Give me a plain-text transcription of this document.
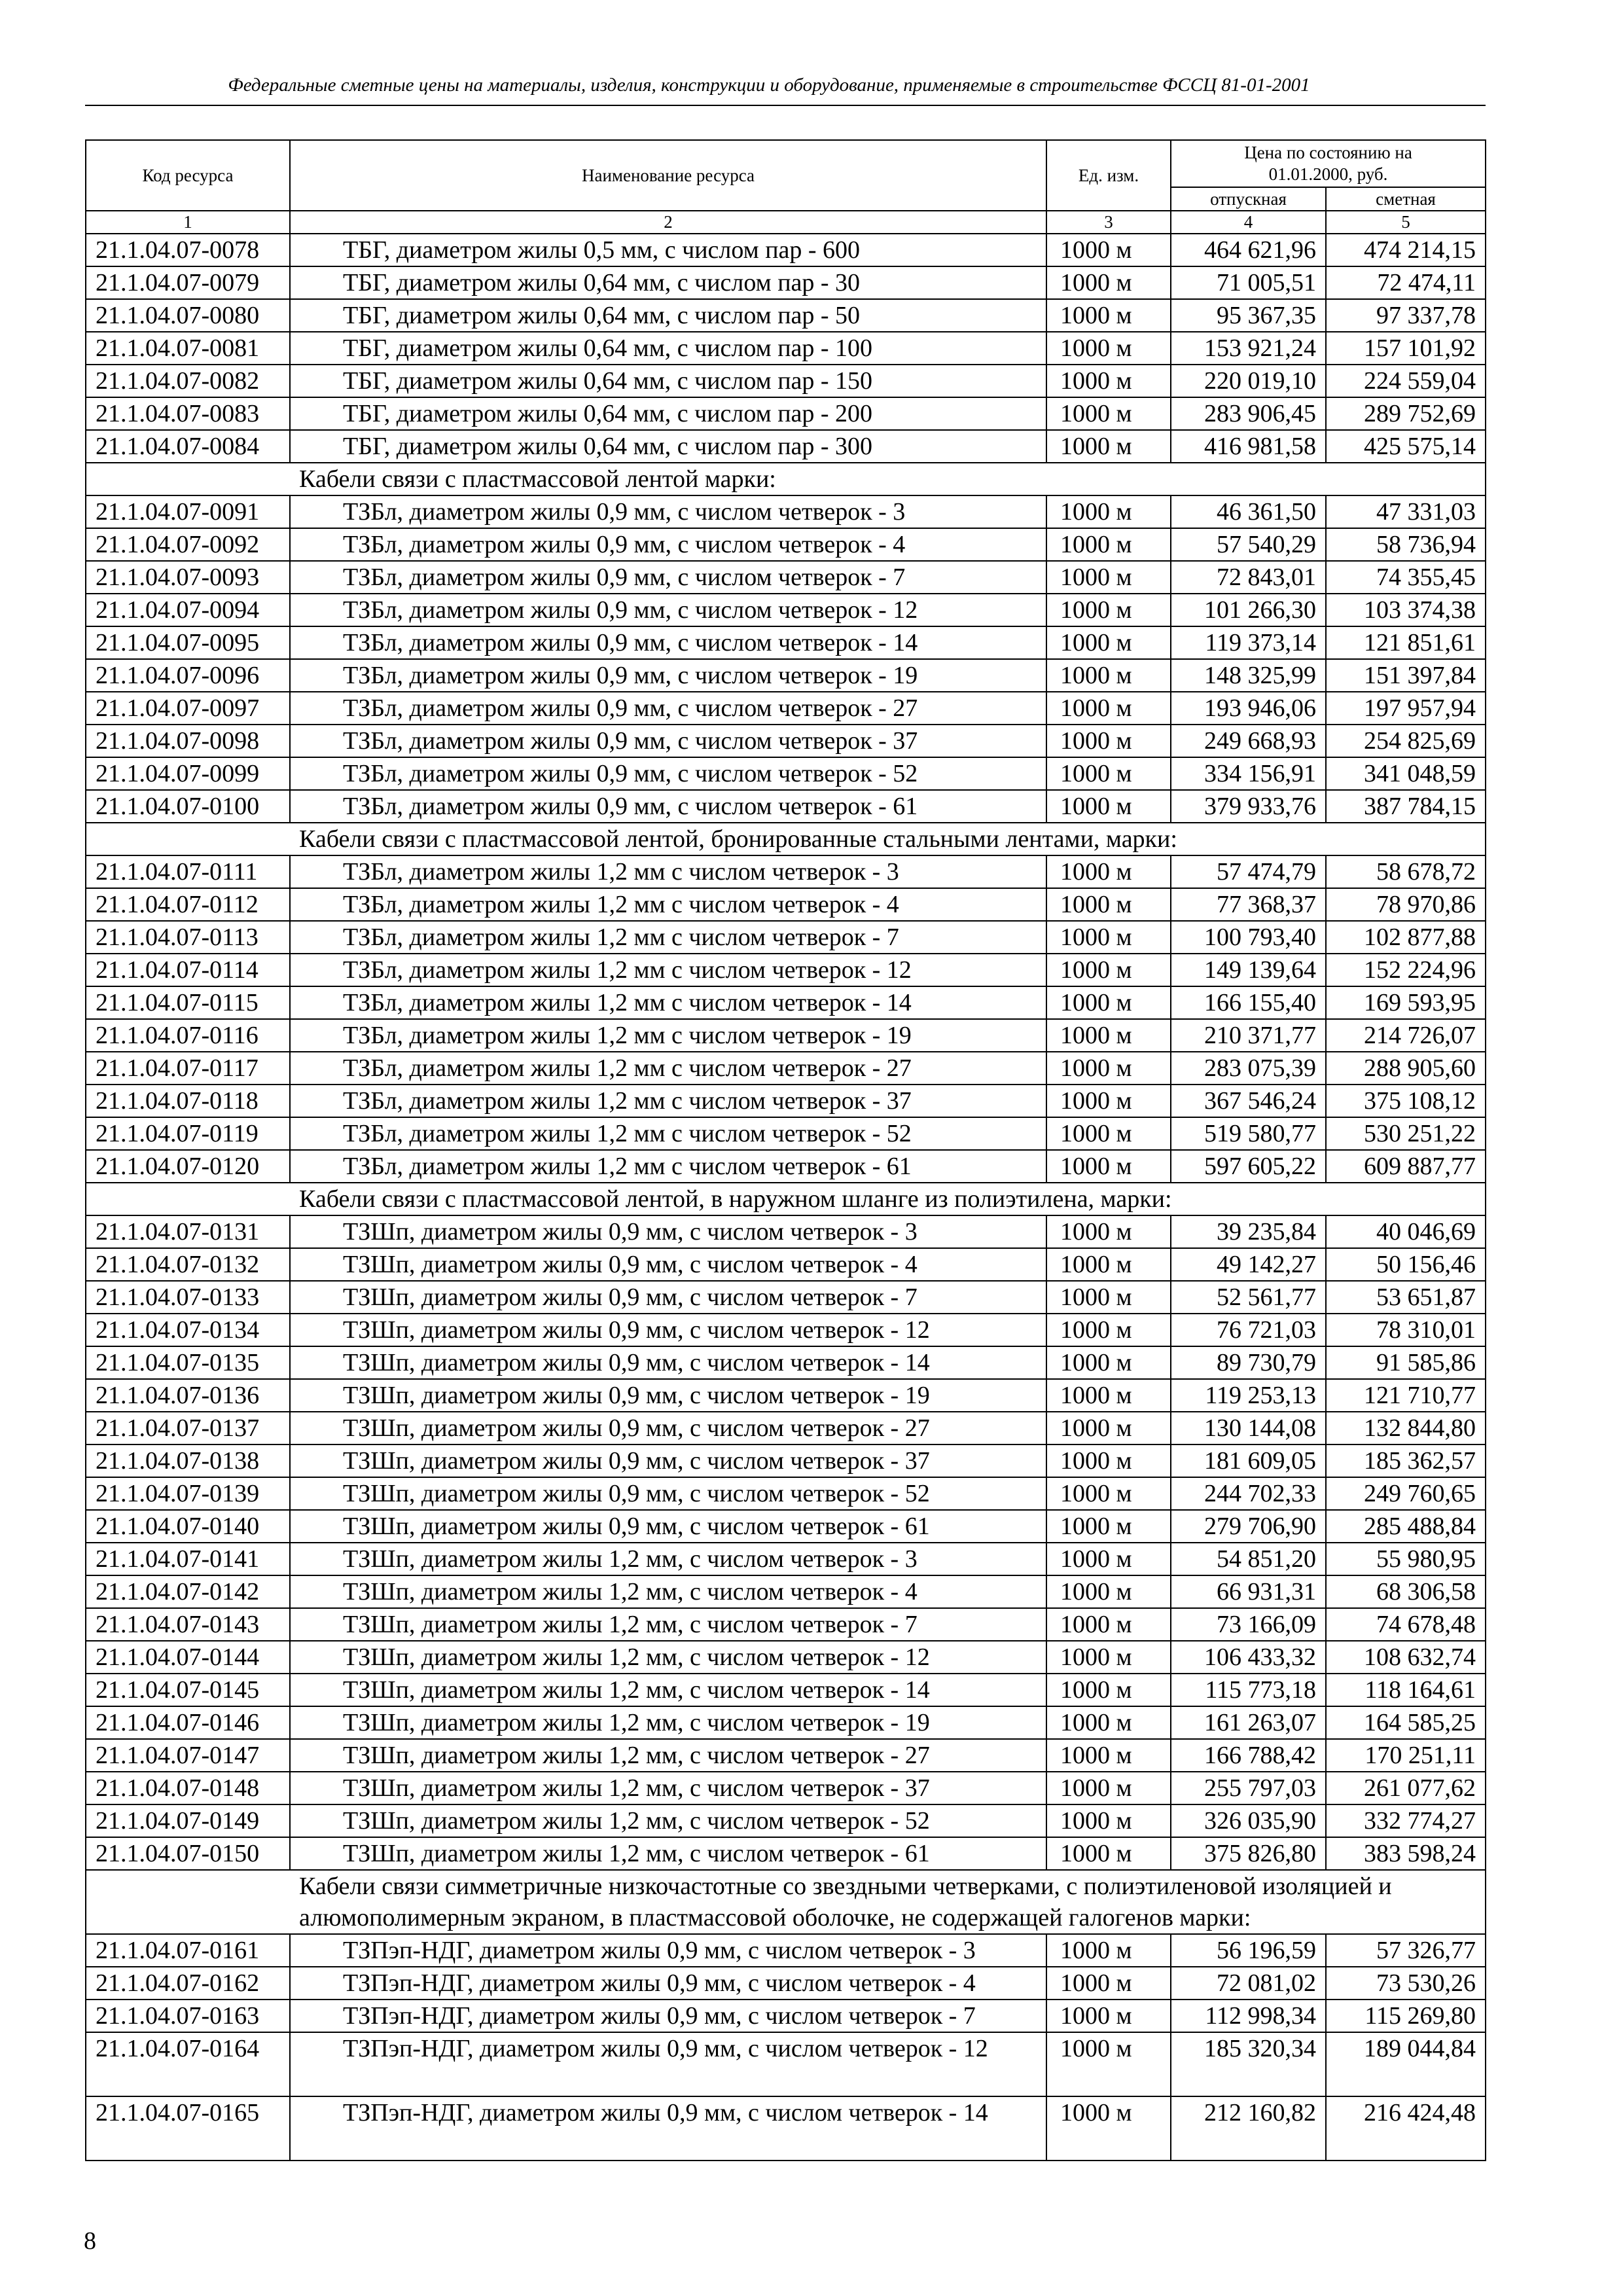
Федеральные сметные цены на материалы, изделия, конструкции и оборудование, применяемые в строительстве ФССЦ 81-01-2001
Код ресурса	Наименование ресурса	Ед. изм.	Цена по состоянию на 01.01.2000, руб.	
			отпускная	сметная
1	2	3	4	5
21.1.04.07-0078	ТБГ, диаметром жилы 0,5 мм, с числом пар - 600	1000 м	464 621,96	474 214,15
21.1.04.07-0079	ТБГ, диаметром жилы 0,64 мм, с числом пар - 30	1000 м	71 005,51	72 474,11
21.1.04.07-0080	ТБГ, диаметром жилы 0,64 мм, с числом пар - 50	1000 м	95 367,35	97 337,78
21.1.04.07-0081	ТБГ, диаметром жилы 0,64 мм, с числом пар - 100	1000 м	153 921,24	157 101,92
21.1.04.07-0082	ТБГ, диаметром жилы 0,64 мм, с числом пар - 150	1000 м	220 019,10	224 559,04
21.1.04.07-0083	ТБГ, диаметром жилы 0,64 мм, с числом пар - 200	1000 м	283 906,45	289 752,69
21.1.04.07-0084	ТБГ, диаметром жилы 0,64 мм, с числом пар - 300	1000 м	416 981,58	425 575,14
Кабели связи с пластмассовой лентой марки:				
21.1.04.07-0091	ТЗБл, диаметром жилы 0,9 мм, с числом четверок - 3	1000 м	46 361,50	47 331,03
21.1.04.07-0092	ТЗБл, диаметром жилы 0,9 мм, с числом четверок - 4	1000 м	57 540,29	58 736,94
21.1.04.07-0093	ТЗБл, диаметром жилы 0,9 мм, с числом четверок - 7	1000 м	72 843,01	74 355,45
21.1.04.07-0094	ТЗБл, диаметром жилы 0,9 мм, с числом четверок - 12	1000 м	101 266,30	103 374,38
21.1.04.07-0095	ТЗБл, диаметром жилы 0,9 мм, с числом четверок - 14	1000 м	119 373,14	121 851,61
21.1.04.07-0096	ТЗБл, диаметром жилы 0,9 мм, с числом четверок - 19	1000 м	148 325,99	151 397,84
21.1.04.07-0097	ТЗБл, диаметром жилы 0,9 мм, с числом четверок - 27	1000 м	193 946,06	197 957,94
21.1.04.07-0098	ТЗБл, диаметром жилы 0,9 мм, с числом четверок - 37	1000 м	249 668,93	254 825,69
21.1.04.07-0099	ТЗБл, диаметром жилы 0,9 мм, с числом четверок - 52	1000 м	334 156,91	341 048,59
21.1.04.07-0100	ТЗБл, диаметром жилы 0,9 мм, с числом четверок - 61	1000 м	379 933,76	387 784,15
Кабели связи с пластмассовой лентой, бронированные стальными лентами, марки:				
21.1.04.07-0111	ТЗБл, диаметром жилы 1,2 мм с числом четверок - 3	1000 м	57 474,79	58 678,72
21.1.04.07-0112	ТЗБл, диаметром жилы 1,2 мм с числом четверок - 4	1000 м	77 368,37	78 970,86
21.1.04.07-0113	ТЗБл, диаметром жилы 1,2 мм с числом четверок - 7	1000 м	100 793,40	102 877,88
21.1.04.07-0114	ТЗБл, диаметром жилы 1,2 мм с числом четверок - 12	1000 м	149 139,64	152 224,96
21.1.04.07-0115	ТЗБл, диаметром жилы 1,2 мм с числом четверок - 14	1000 м	166 155,40	169 593,95
21.1.04.07-0116	ТЗБл, диаметром жилы 1,2 мм с числом четверок - 19	1000 м	210 371,77	214 726,07
21.1.04.07-0117	ТЗБл, диаметром жилы 1,2 мм с числом четверок - 27	1000 м	283 075,39	288 905,60
21.1.04.07-0118	ТЗБл, диаметром жилы 1,2 мм с числом четверок - 37	1000 м	367 546,24	375 108,12
21.1.04.07-0119	ТЗБл, диаметром жилы 1,2 мм с числом четверок - 52	1000 м	519 580,77	530 251,22
21.1.04.07-0120	ТЗБл, диаметром жилы 1,2 мм с числом четверок - 61	1000 м	597 605,22	609 887,77
Кабели связи с пластмассовой лентой, в наружном шланге из полиэтилена, марки:				
21.1.04.07-0131	ТЗШп, диаметром жилы 0,9 мм, с числом четверок - 3	1000 м	39 235,84	40 046,69
21.1.04.07-0132	ТЗШп, диаметром жилы 0,9 мм, с числом четверок - 4	1000 м	49 142,27	50 156,46
21.1.04.07-0133	ТЗШп, диаметром жилы 0,9 мм, с числом четверок - 7	1000 м	52 561,77	53 651,87
21.1.04.07-0134	ТЗШп, диаметром жилы 0,9 мм, с числом четверок - 12	1000 м	76 721,03	78 310,01
21.1.04.07-0135	ТЗШп, диаметром жилы 0,9 мм, с числом четверок - 14	1000 м	89 730,79	91 585,86
21.1.04.07-0136	ТЗШп, диаметром жилы 0,9 мм, с числом четверок - 19	1000 м	119 253,13	121 710,77
21.1.04.07-0137	ТЗШп, диаметром жилы 0,9 мм, с числом четверок - 27	1000 м	130 144,08	132 844,80
21.1.04.07-0138	ТЗШп, диаметром жилы 0,9 мм, с числом четверок - 37	1000 м	181 609,05	185 362,57
21.1.04.07-0139	ТЗШп, диаметром жилы 0,9 мм, с числом четверок - 52	1000 м	244 702,33	249 760,65
21.1.04.07-0140	ТЗШп, диаметром жилы 0,9 мм, с числом четверок - 61	1000 м	279 706,90	285 488,84
21.1.04.07-0141	ТЗШп, диаметром жилы 1,2 мм, с числом четверок - 3	1000 м	54 851,20	55 980,95
21.1.04.07-0142	ТЗШп, диаметром жилы 1,2 мм, с числом четверок - 4	1000 м	66 931,31	68 306,58
21.1.04.07-0143	ТЗШп, диаметром жилы 1,2 мм, с числом четверок - 7	1000 м	73 166,09	74 678,48
21.1.04.07-0144	ТЗШп, диаметром жилы 1,2 мм, с числом четверок - 12	1000 м	106 433,32	108 632,74
21.1.04.07-0145	ТЗШп, диаметром жилы 1,2 мм, с числом четверок - 14	1000 м	115 773,18	118 164,61
21.1.04.07-0146	ТЗШп, диаметром жилы 1,2 мм, с числом четверок - 19	1000 м	161 263,07	164 585,25
21.1.04.07-0147	ТЗШп, диаметром жилы 1,2 мм, с числом четверок - 27	1000 м	166 788,42	170 251,11
21.1.04.07-0148	ТЗШп, диаметром жилы 1,2 мм, с числом четверок - 37	1000 м	255 797,03	261 077,62
21.1.04.07-0149	ТЗШп, диаметром жилы 1,2 мм, с числом четверок - 52	1000 м	326 035,90	332 774,27
21.1.04.07-0150	ТЗШп, диаметром жилы 1,2 мм, с числом четверок - 61	1000 м	375 826,80	383 598,24
Кабели связи симметричные низкочастотные со звездными четверками, с полиэтиленовой изоляцией и алюмополимерным экраном, в пластмассовой оболочке, не содержащей галогенов марки:				
21.1.04.07-0161	ТЗПэп-НДГ, диаметром жилы 0,9 мм, с числом четверок - 3	1000 м	56 196,59	57 326,77
21.1.04.07-0162	ТЗПэп-НДГ, диаметром жилы 0,9 мм, с числом четверок - 4	1000 м	72 081,02	73 530,26
21.1.04.07-0163	ТЗПэп-НДГ, диаметром жилы 0,9 мм, с числом четверок - 7	1000 м	112 998,34	115 269,80
21.1.04.07-0164	ТЗПэп-НДГ, диаметром жилы 0,9 мм, с числом четверок - 12	1000 м	185 320,34	189 044,84
21.1.04.07-0165	ТЗПэп-НДГ, диаметром жилы 0,9 мм, с числом четверок - 14	1000 м	212 160,82	216 424,48
8
